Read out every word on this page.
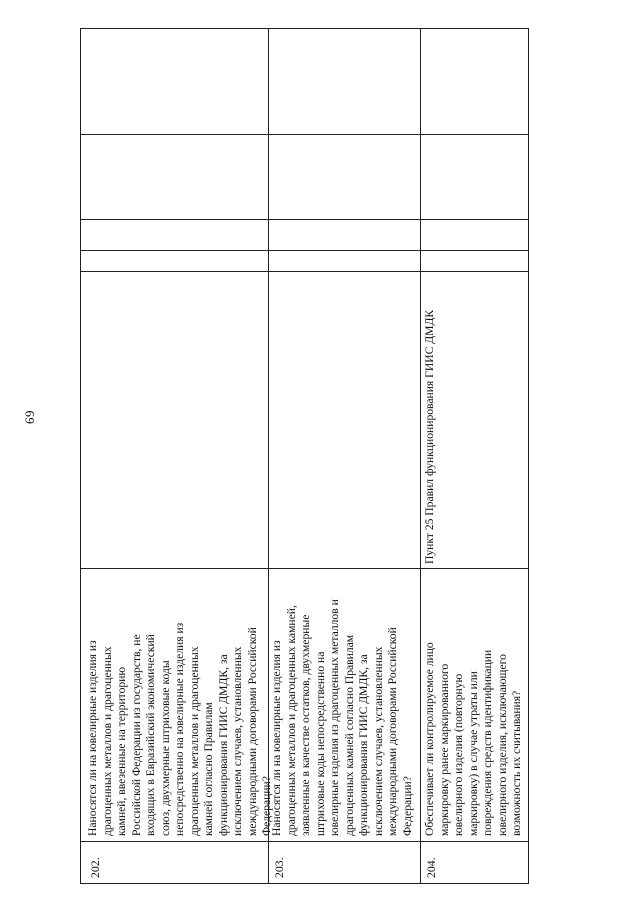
69
202.
Наносятся ли на ювелирные изделия из
драгоценных металлов и драгоценных
камней, ввезенные на территорию
Российской Федерации из государств, не
входящих в Евразийский экономический
союз, двухмерные штриховые коды
непосредственно на ювелирные изделия из
драгоценных металлов и драгоценных
камней согласно Правилам
функционирования ГИИС ДМДК, за
исключением случаев, установленных
международными договорами Российской
Федерации?
203.
Наносятся ли на ювелирные изделия из
драгоценных металлов и драгоценных камней,
заявленные в качестве остатков, двухмерные
штриховые коды непосредственно на
ювелирные изделия из драгоценных металлов и
драгоценных камней согласно Правилам
функционирования ГИИС ДМДК, за
исключением случаев, установленных
международными договорами Российской
Федерации?
204.
Обеспечивает ли контролируемое лицо
маркировку ранее маркированного
ювелирного изделия (повторную
маркировку) в случае утраты или
повреждения средств идентификации
ювелирного изделия, исключающего
возможность их считывания?
Пункт 25 Правил функционирования ГИИС ДМДК
